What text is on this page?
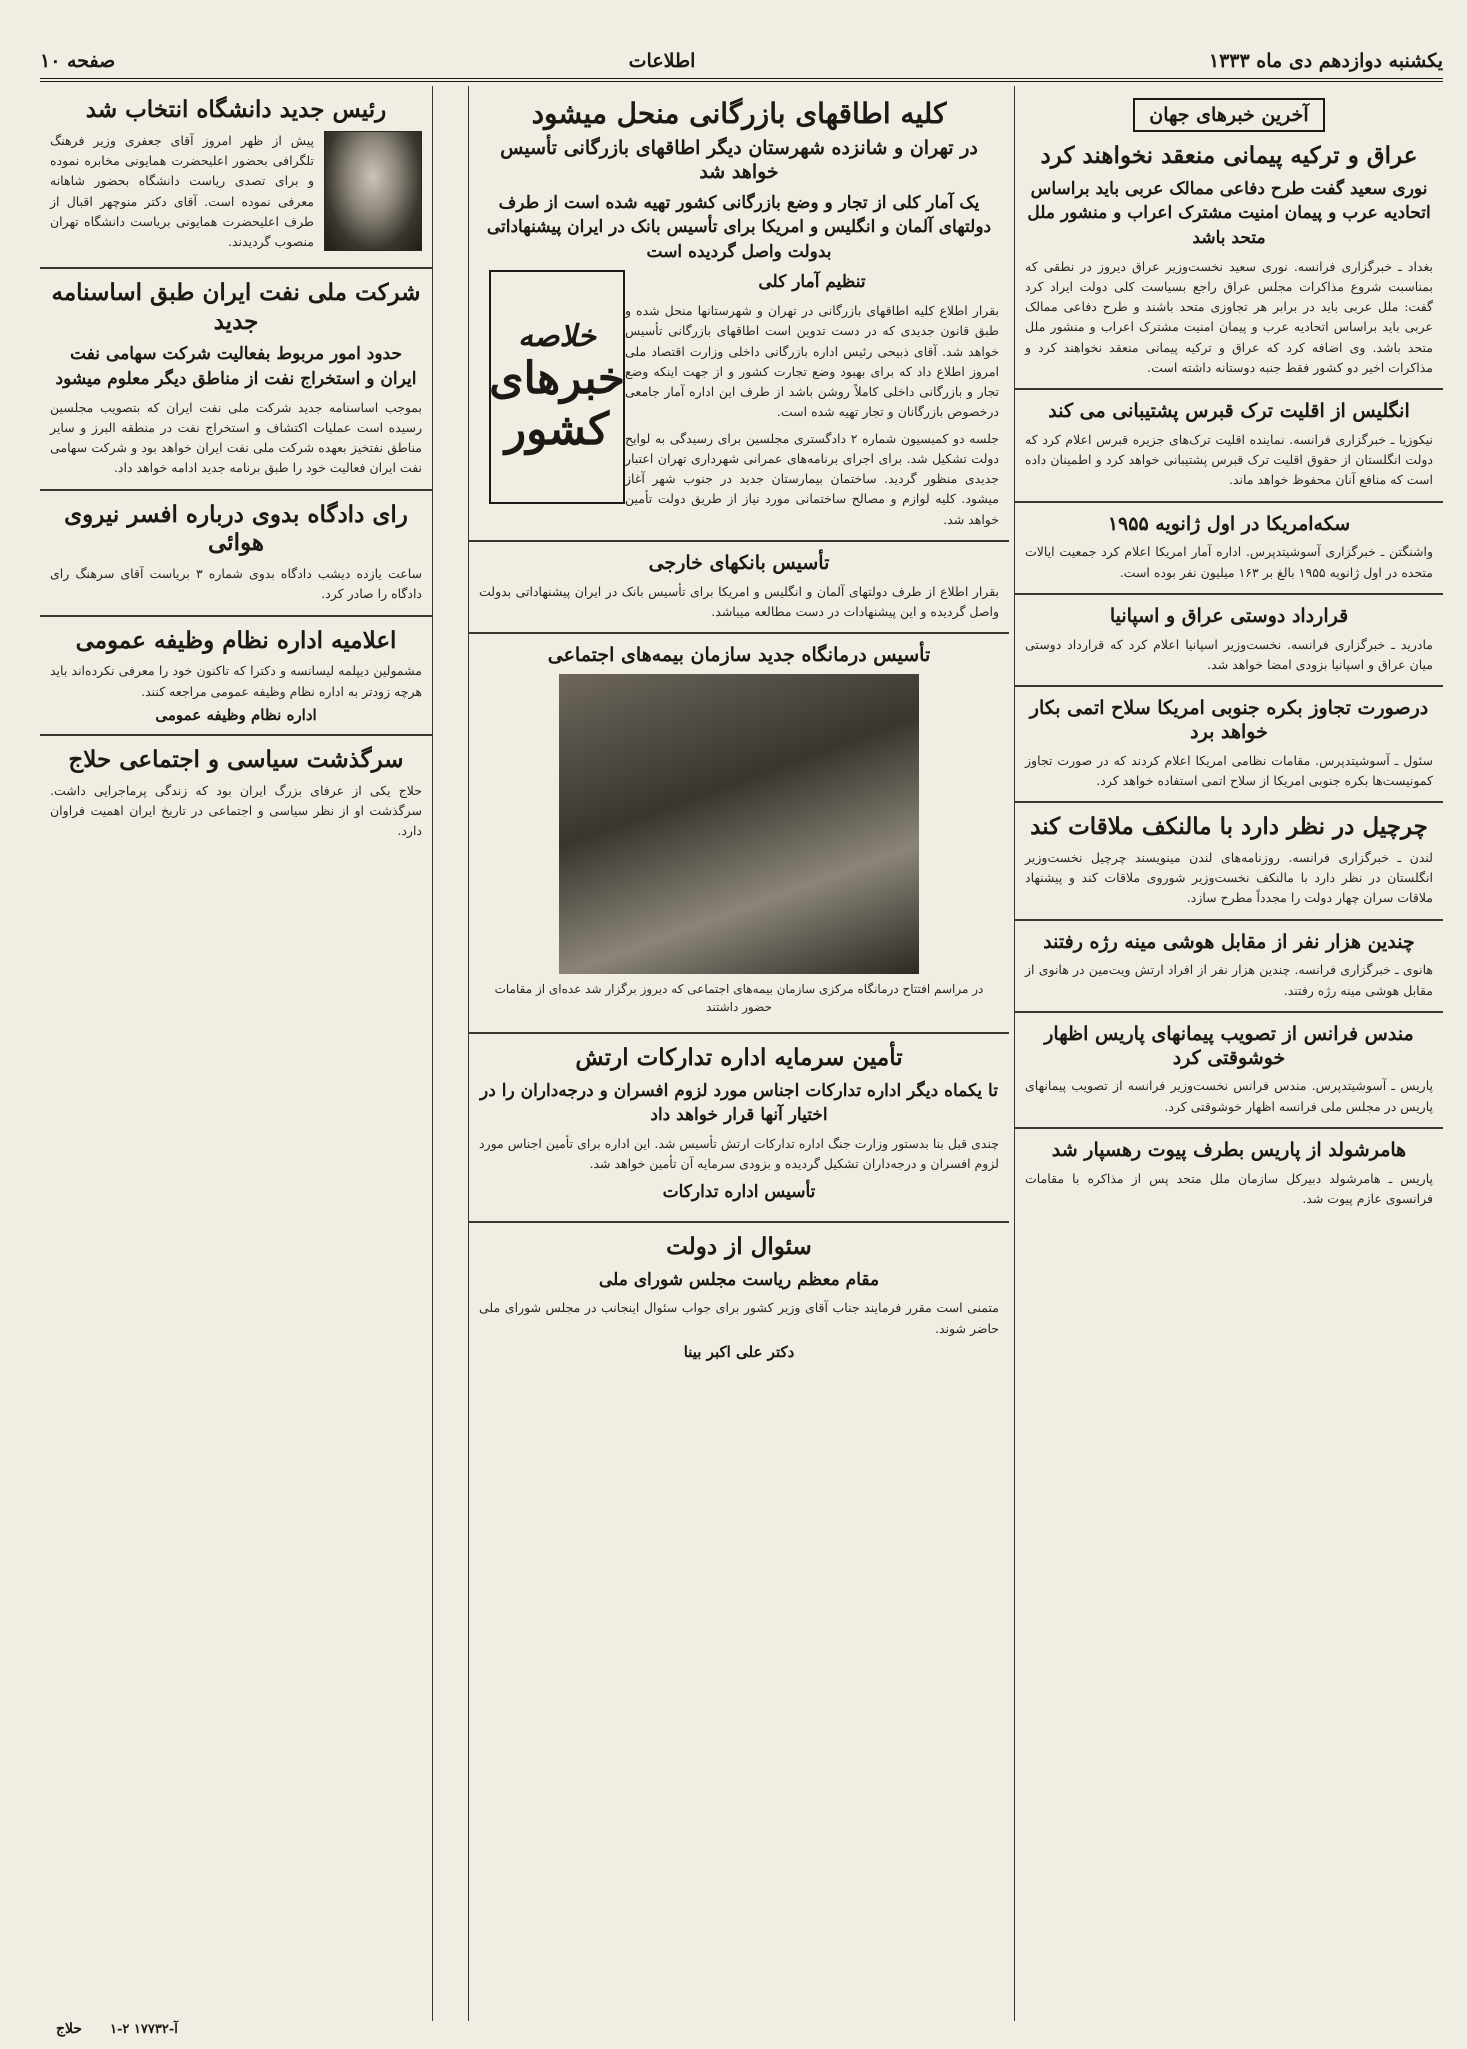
یکشنبه دوازدهم دی ماه ۱۳۳۳
اطلاعات
صفحه ۱۰
آخرین خبرهای جهان
عراق و ترکیه پیمانی منعقد نخواهند کرد
نوری سعید گفت طرح دفاعی ممالک عربی باید براساس اتحادیه عرب و پیمان امنیت مشترک اعراب و منشور ملل متحد باشد
بغداد ـ خبرگزاری فرانسه. نوری سعید نخست‌وزیر عراق دیروز در نطقی که بمناسبت شروع مذاکرات مجلس عراق راجع بسیاست کلی دولت ایراد کرد گفت: ملل عربی باید در برابر هر تجاوزی متحد باشند و طرح دفاعی ممالک عربی باید براساس اتحادیه عرب و پیمان امنیت مشترک اعراب و منشور ملل متحد باشد. وی اضافه کرد که عراق و ترکیه پیمانی منعقد نخواهند کرد و مذاکرات اخیر دو کشور فقط جنبه دوستانه داشته است.
انگلیس از اقلیت ترک قبرس پشتیبانی می کند
نیکوزیا ـ خبرگزاری فرانسه. نماینده اقلیت ترک‌های جزیره قبرس اعلام کرد که دولت انگلستان از حقوق اقلیت ترک قبرس پشتیبانی خواهد کرد و اطمینان داده است که منافع آنان محفوظ خواهد ماند.
سکه‌امریکا در اول ژانویه ۱۹۵۵
واشنگتن ـ خبرگزاری آسوشیتدپرس. اداره آمار امریکا اعلام کرد جمعیت ایالات متحده در اول ژانویه ۱۹۵۵ بالغ بر ۱۶۳ میلیون نفر بوده است.
قرارداد دوستی عراق و اسپانیا
مادرید ـ خبرگزاری فرانسه. نخست‌وزیر اسپانیا اعلام کرد که قرارداد دوستی میان عراق و اسپانیا بزودی امضا خواهد شد.
درصورت تجاوز بکره جنوبی امریکا سلاح اتمی بکار خواهد برد
سئول ـ آسوشیتدپرس. مقامات نظامی امریکا اعلام کردند که در صورت تجاوز کمونیست‌ها بکره جنوبی امریکا از سلاح اتمی استفاده خواهد کرد.
چرچیل در نظر دارد با مالنکف ملاقات کند
لندن ـ خبرگزاری فرانسه. روزنامه‌های لندن مینویسند چرچیل نخست‌وزیر انگلستان در نظر دارد با مالنکف نخست‌وزیر شوروی ملاقات کند و پیشنهاد ملاقات سران چهار دولت را مجدداً مطرح سازد.
چندین هزار نفر از مقابل هوشی مینه رژه رفتند
هانوی ـ خبرگزاری فرانسه. چندین هزار نفر از افراد ارتش ویت‌مین در هانوی از مقابل هوشی مینه رژه رفتند.
مندس فرانس از تصویب پیمانهای پاریس اظهار خوشوقتی کرد
پاریس ـ آسوشیتدپرس. مندس فرانس نخست‌وزیر فرانسه از تصویب پیمانهای پاریس در مجلس ملی فرانسه اظهار خوشوقتی کرد.
هامرشولد از پاریس بطرف پیوت رهسپار شد
پاریس ـ هامرشولد دبیرکل سازمان ملل متحد پس از مذاکره با مقامات فرانسوی عازم پیوت شد.
کلیه اطاقهای بازرگانی منحل میشود
در تهران و شانزده شهرستان دیگر اطاقهای بازرگانی تأسیس خواهد شد
یک آمار کلی از تجار و وضع بازرگانی کشور تهیه شده است از طرف دولتهای آلمان و انگلیس و امریکا برای تأسیس بانک در ایران پیشنهاداتی بدولت واصل گردیده است
خلاصه
خبرهای کشور
تنظیم آمار کلی
بقرار اطلاع کلیه اطاقهای بازرگانی در تهران و شهرستانها منحل شده و طبق قانون جدیدی که در دست تدوین است اطاقهای بازرگانی تأسیس خواهد شد. آقای ذبیحی رئیس اداره بازرگانی داخلی وزارت اقتصاد ملی امروز اطلاع داد که برای بهبود وضع تجارت کشور و از جهت اینکه وضع تجار و بازرگانی داخلی کاملاً روشن باشد از طرف این اداره آمار جامعی درخصوص بازرگانان و تجار تهیه شده است.
جلسه دو کمیسیون شماره ۲ دادگستری مجلسین برای رسیدگی به لوایح دولت تشکیل شد. برای اجرای برنامه‌های عمرانی شهرداری تهران اعتبار جدیدی منظور گردید. ساختمان بیمارستان جدید در جنوب شهر آغاز میشود. کلیه لوازم و مصالح ساختمانی مورد نیاز از طریق دولت تأمین خواهد شد.
تأسیس بانکهای خارجی
بقرار اطلاع از طرف دولتهای آلمان و انگلیس و امریکا برای تأسیس بانک در ایران پیشنهاداتی بدولت واصل گردیده و این پیشنهادات در دست مطالعه میباشد.
تأسیس درمانگاه جدید سازمان بیمه‌های اجتماعی
در مراسم افتتاح درمانگاه مرکزی سازمان بیمه‌های اجتماعی که دیروز برگزار شد عده‌ای از مقامات حضور داشتند
تأمین سرمایه اداره تدارکات ارتش
تا یکماه دیگر اداره تدارکات اجناس مورد لزوم افسران و درجه‌داران را در اختیار آنها قرار خواهد داد
چندی قبل بنا بدستور وزارت جنگ اداره تدارکات ارتش تأسیس شد. این اداره برای تأمین اجناس مورد لزوم افسران و درجه‌داران تشکیل گردیده و بزودی سرمایه آن تأمین خواهد شد.
تأسیس اداره تدارکات
سئوال از دولت
مقام معظم ریاست مجلس شورای ملی
متمنی است مقرر فرمایند جناب آقای وزیر کشور برای جواب سئوال اینجانب در مجلس شورای ملی حاضر شوند.
دکتر علی اکبر بینا
رئیس جدید دانشگاه انتخاب شد
پیش از ظهر امروز آقای جعفری وزیر فرهنگ تلگرافی بحضور اعلیحضرت همایونی مخابره نموده و برای تصدی ریاست دانشگاه بحضور شاهانه معرفی نموده است. آقای دکتر منوچهر اقبال از طرف اعلیحضرت همایونی بریاست دانشگاه تهران منصوب گردیدند.
شرکت ملی نفت ایران طبق اساسنامه جدید
حدود امور مربوط بفعالیت شرکت سهامی نفت ایران و استخراج نفت از مناطق دیگر معلوم میشود
بموجب اساسنامه جدید شرکت ملی نفت ایران که بتصویب مجلسین رسیده است عملیات اکتشاف و استخراج نفت در منطقه البرز و سایر مناطق نفتخیز بعهده شرکت ملی نفت ایران خواهد بود و شرکت سهامی نفت ایران فعالیت خود را طبق برنامه جدید ادامه خواهد داد.
رای دادگاه بدوی درباره افسر نیروی هوائی
ساعت یازده دیشب دادگاه بدوی شماره ۳ بریاست آقای سرهنگ رای دادگاه را صادر کرد.
اعلامیه اداره نظام وظیفه عمومی
مشمولین دیپلمه لیسانسه و دکترا که تاکنون خود را معرفی نکرده‌اند باید هرچه زودتر به اداره نظام وظیفه عمومی مراجعه کنند.
اداره نظام وظیفه عمومی
سرگذشت سیاسی و اجتماعی حلاج
حلاج یکی از عرفای بزرگ ایران بود که زندگی پرماجرایی داشت. سرگذشت او از نظر سیاسی و اجتماعی در تاریخ ایران اهمیت فراوان دارد.
حلاج آ-۱۷۷۳۲ ۲-۱
